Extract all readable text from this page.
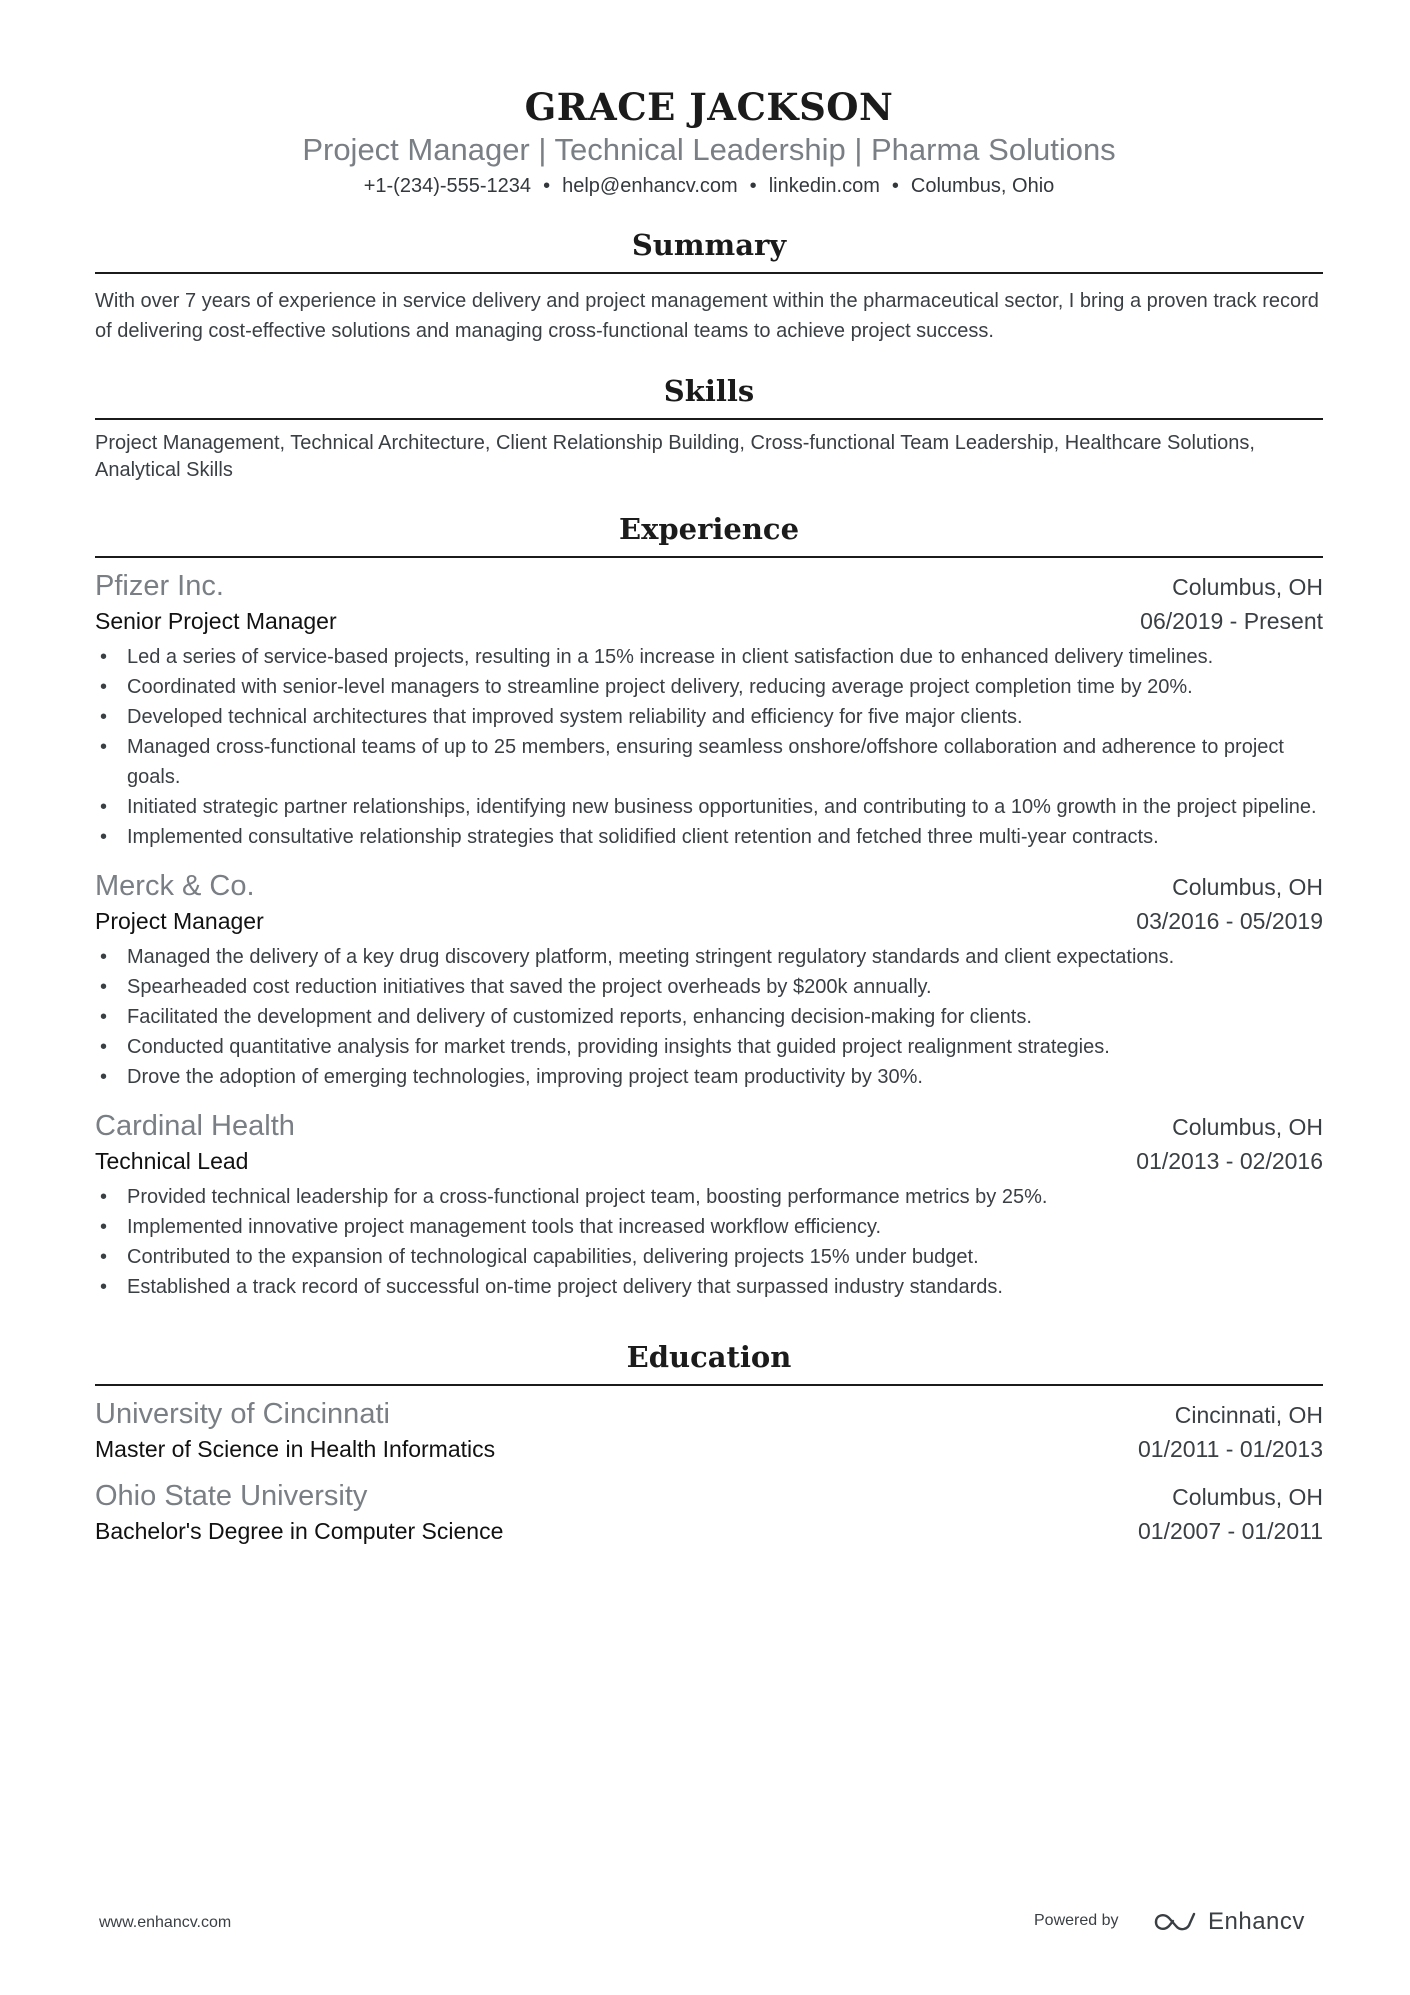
GRACE JACKSON
Project Manager | Technical Leadership | Pharma Solutions
+1-(234)-555-1234 • help@enhancv.com • linkedin.com • Columbus, Ohio
Summary
With over 7 years of experience in service delivery and project management within the pharmaceutical sector, I bring a proven track record of delivering cost-effective solutions and managing cross-functional teams to achieve project success.
Skills
Project Management, Technical Architecture, Client Relationship Building, Cross-functional Team Leadership, Healthcare Solutions, Analytical Skills
Experience
Pfizer Inc.	Columbus, OH
Senior Project Manager	06/2019 - Present
• Led a series of service-based projects, resulting in a 15% increase in client satisfaction due to enhanced delivery timelines.
• Coordinated with senior-level managers to streamline project delivery, reducing average project completion time by 20%.
• Developed technical architectures that improved system reliability and efficiency for five major clients.
• Managed cross-functional teams of up to 25 members, ensuring seamless onshore/offshore collaboration and adherence to project goals.
• Initiated strategic partner relationships, identifying new business opportunities, and contributing to a 10% growth in the project pipeline.
• Implemented consultative relationship strategies that solidified client retention and fetched three multi-year contracts.
Merck & Co.	Columbus, OH
Project Manager	03/2016 - 05/2019
• Managed the delivery of a key drug discovery platform, meeting stringent regulatory standards and client expectations.
• Spearheaded cost reduction initiatives that saved the project overheads by $200k annually.
• Facilitated the development and delivery of customized reports, enhancing decision-making for clients.
• Conducted quantitative analysis for market trends, providing insights that guided project realignment strategies.
• Drove the adoption of emerging technologies, improving project team productivity by 30%.
Cardinal Health	Columbus, OH
Technical Lead	01/2013 - 02/2016
• Provided technical leadership for a cross-functional project team, boosting performance metrics by 25%.
• Implemented innovative project management tools that increased workflow efficiency.
• Contributed to the expansion of technological capabilities, delivering projects 15% under budget.
• Established a track record of successful on-time project delivery that surpassed industry standards.
Education
University of Cincinnati	Cincinnati, OH
Master of Science in Health Informatics	01/2011 - 01/2013
Ohio State University	Columbus, OH
Bachelor's Degree in Computer Science	01/2007 - 01/2011
www.enhancv.com	Powered by	Enhancv
